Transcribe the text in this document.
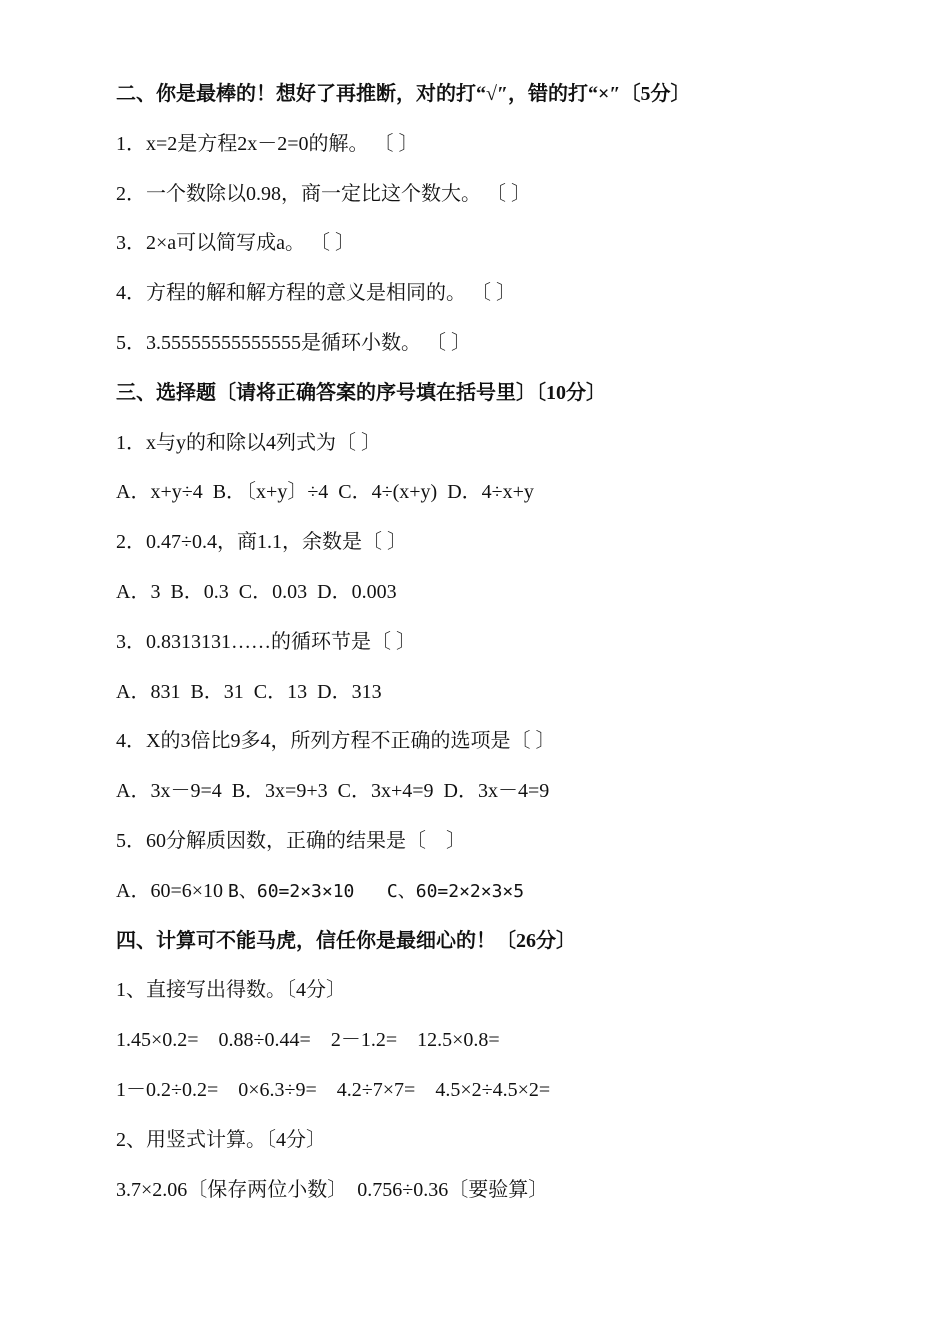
二、你是最棒的！想好了再推断，对的打“√″，错的打“×″〔5分〕
1．x=2是方程2x－2=0的解。 〔 〕
2．一个数除以0.98，商一定比这个数大。 〔 〕
3．2×a可以简写成a。 〔 〕
4．方程的解和解方程的意义是相同的。 〔 〕
5．3.55555555555555是循环小数。 〔 〕
三、选择题〔请将正确答案的序号填在括号里〕〔10分〕
1．x与y的和除以4列式为〔 〕
A．x+y÷4  B．〔x+y〕÷4  C．4÷(x+y)  D．4÷x+y
2．0.47÷0.4，商1.1，余数是〔 〕
A．3  B．0.3  C．0.03  D．0.003
3．0.8313131……的循环节是〔 〕
A．831  B．31  C．13  D．313
4．X的3倍比9多4，所列方程不正确的选项是〔 〕
A．3x－9=4  B．3x=9+3  C．3x+4=9  D．3x－4=9
5．60分解质因数，正确的结果是〔    〕
A．60=6×10 B、60=2×3×10   C、60=2×2×3×5
四、计算可不能马虎，信任你是最细心的！〔26分〕
1、直接写出得数。〔4分〕
1.45×0.2=    0.88÷0.44=    2－1.2=    12.5×0.8=
1－0.2÷0.2=    0×6.3÷9=    4.2÷7×7=    4.5×2÷4.5×2=
2、用竖式计算。〔4分〕
3.7×2.06〔保存两位小数〕  0.756÷0.36〔要验算〕
